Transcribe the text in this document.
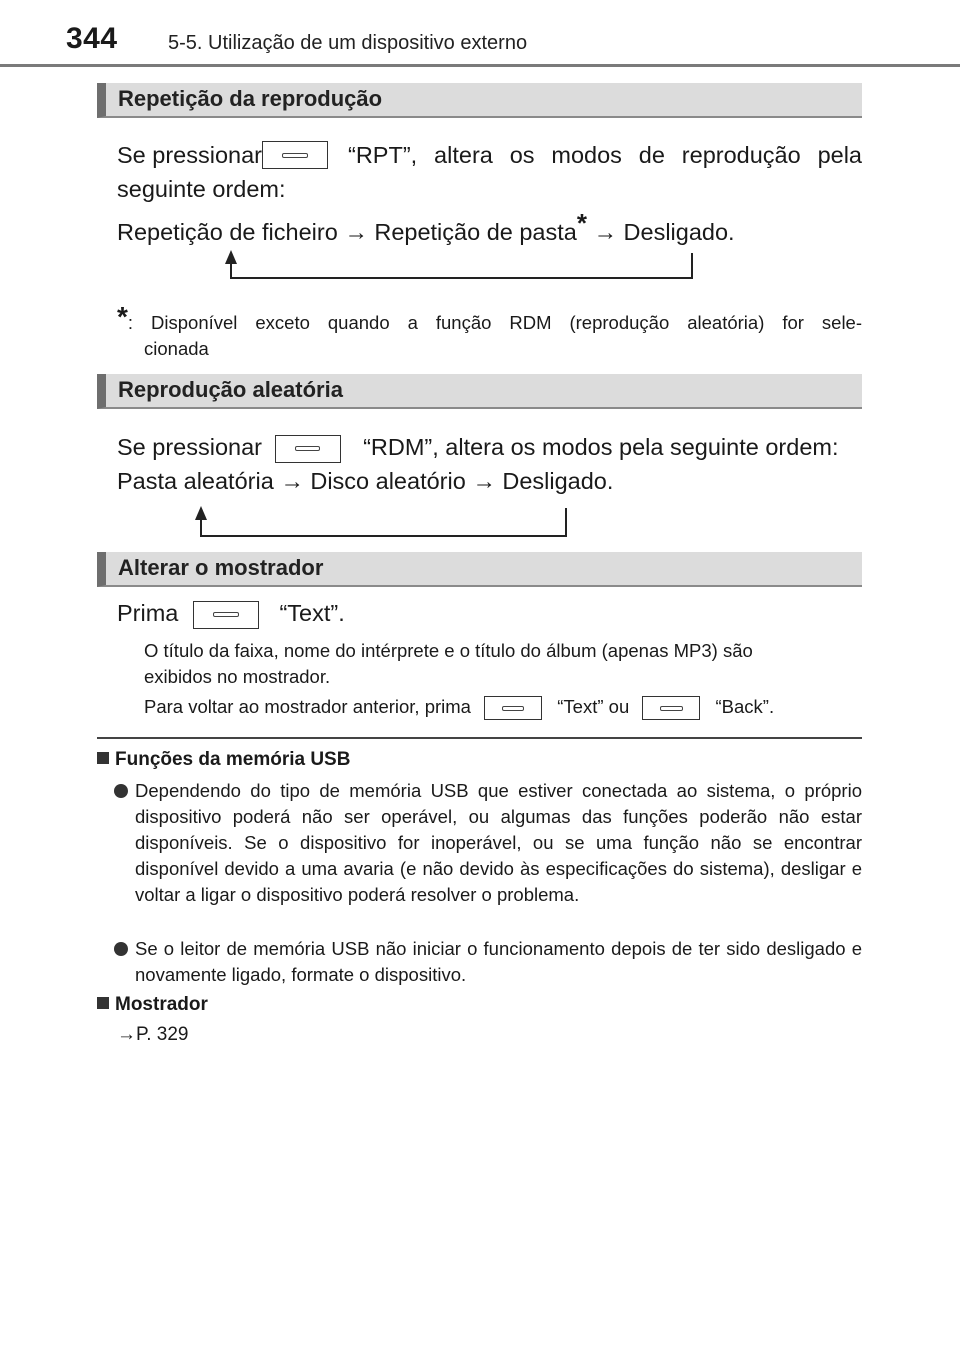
344	5-5. Utilização de um dispositivo externo
Repetição da reprodução
Se pressionar	“RPT”, altera os modos de reprodução pela
seguinte ordem:
Repetição de ficheiro → Repetição de pasta* → Desligado.
* : Disponível exceto quando a função RDM (reprodução aleatória) for sele-
cionada
Reprodução aleatória
Se pressionar	“RDM”, altera os modos pela seguinte ordem:
Pasta aleatória → Disco aleatório → Desligado.
Alterar o mostrador
Prima	“Text”.
O título da faixa, nome do intérprete e o título do álbum (apenas MP3) são
exibidos no mostrador.
Para voltar ao mostrador anterior, prima	“Text” ou	“Back”.
Funções da memória USB
Dependendo do tipo de memória USB que estiver conectada ao sistema, o próprio dispositivo poderá não ser operável, ou algumas das funções poderão não estar disponíveis. Se o dispositivo for inoperável, ou se uma função não se encontrar disponível devido a uma avaria (e não devido às especificações do sistema), desligar e voltar a ligar o dispositivo poderá resolver o problema.
Se o leitor de memória USB não iniciar o funcionamento depois de ter sido desligado e novamente ligado, formate o dispositivo.
Mostrador
→P. 329
